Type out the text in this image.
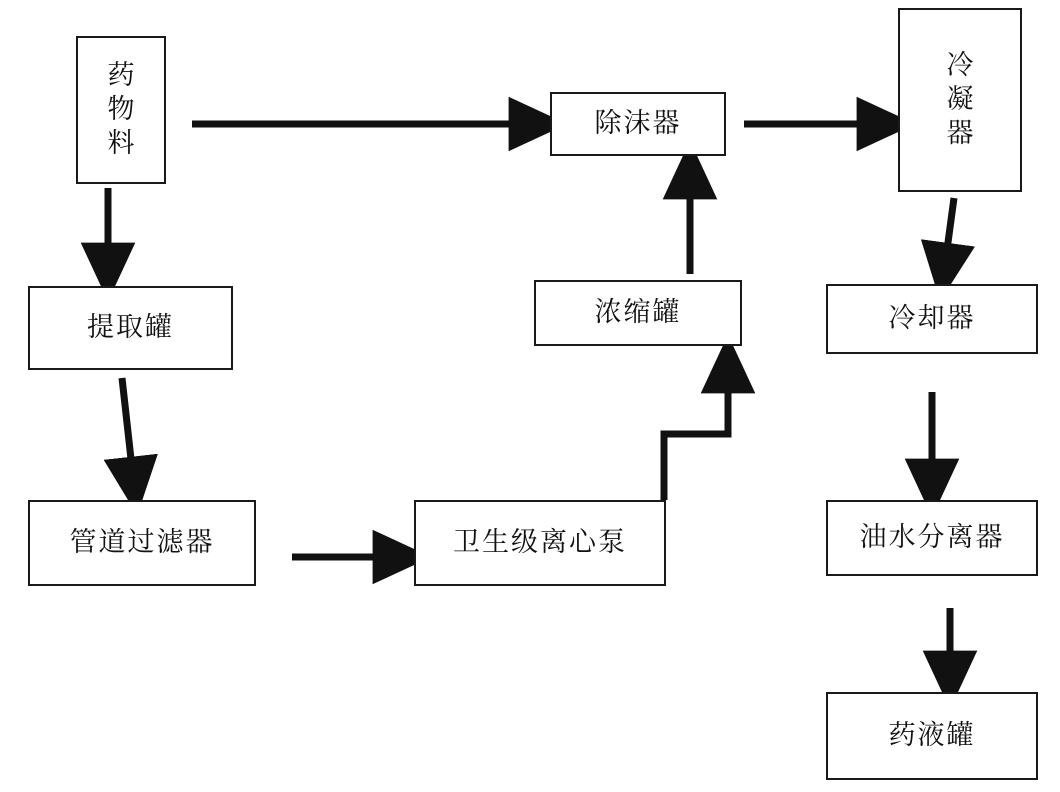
药
物
料
提取罐
管道过滤器	卫生级离心泵
浓缩罐
除沫器
冷
凝
器
冷却器
油水分离器
药液罐
